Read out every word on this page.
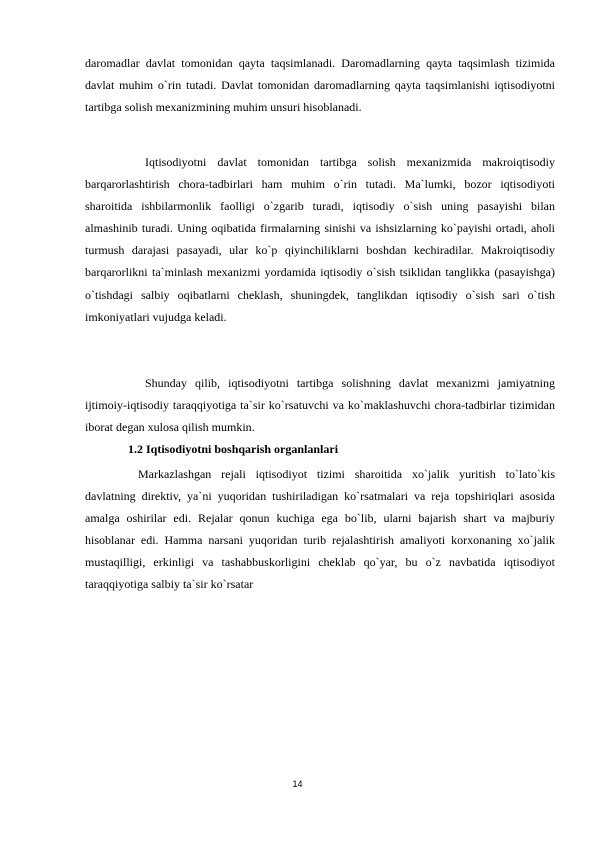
daromadlar davlat tomonidan qayta taqsimlanadi. Daromadlarning qayta taqsimlash tizimida davlat muhim o`rin tutadi. Davlat tomonidan daromadlarning qayta taqsimlanishi iqtisodiyotni tartibga solish mexanizmining muhim unsuri hisoblanadi.

Iqtisodiyotni davlat tomonidan tartibga solish mexanizmida makroiqtisodiy barqarorlashtirish chora-tadbirlari ham muhim o`rin tutadi. Ma`lumki, bozor iqtisodiyoti sharoitida ishbilarmonlik faolligi o`zgarib turadi, iqtisodiy o`sish uning pasayishi bilan almashinib turadi. Uning oqibatida firmalarning sinishi va ishsizlarning ko`payishi ortadi, aholi turmush darajasi pasayadi, ular ko`p qiyinchiliklarni boshdan kechiradilar. Makroiqtisodiy barqarorlikni ta`minlash mexanizmi yordamida iqtisodiy o`sish tsiklidan tanglikka (pasayishga) o`tishdagi salbiy oqibatlarni cheklash, shuningdek, tanglikdan iqtisodiy o`sish sari o`tish imkoniyatlari vujudga keladi.

Shunday qilib, iqtisodiyotni tartibga solishning davlat mexanizmi jamiyatning ijtimoiy-iqtisodiy taraqqiyotiga ta`sir ko`rsatuvchi va ko`maklashuvchi chora-tadbirlar tizimidan iborat degan xulosa qilish mumkin.

1.2 Iqtisodiyotni boshqarish organlanlari

Markazlashgan rejali iqtisodiyot tizimi sharoitida xo`jalik yuritish to`lato`kis davlatning direktiv, ya`ni yuqoridan tushiriladigan ko`rsatmalari va reja topshiriqlari asosida amalga oshirilar edi. Rejalar qonun kuchiga ega bo`lib, ularni bajarish shart va majburiy hisoblanar edi. Hamma narsani yuqoridan turib rejalashtirish amaliyoti korxonaning xo`jalik mustaqilligi, erkinligi va tashabbuskorligini cheklab qo`yar, bu o`z navbatida iqtisodiyot taraqqiyotiga salbiy ta`sir ko`rsatar

14
